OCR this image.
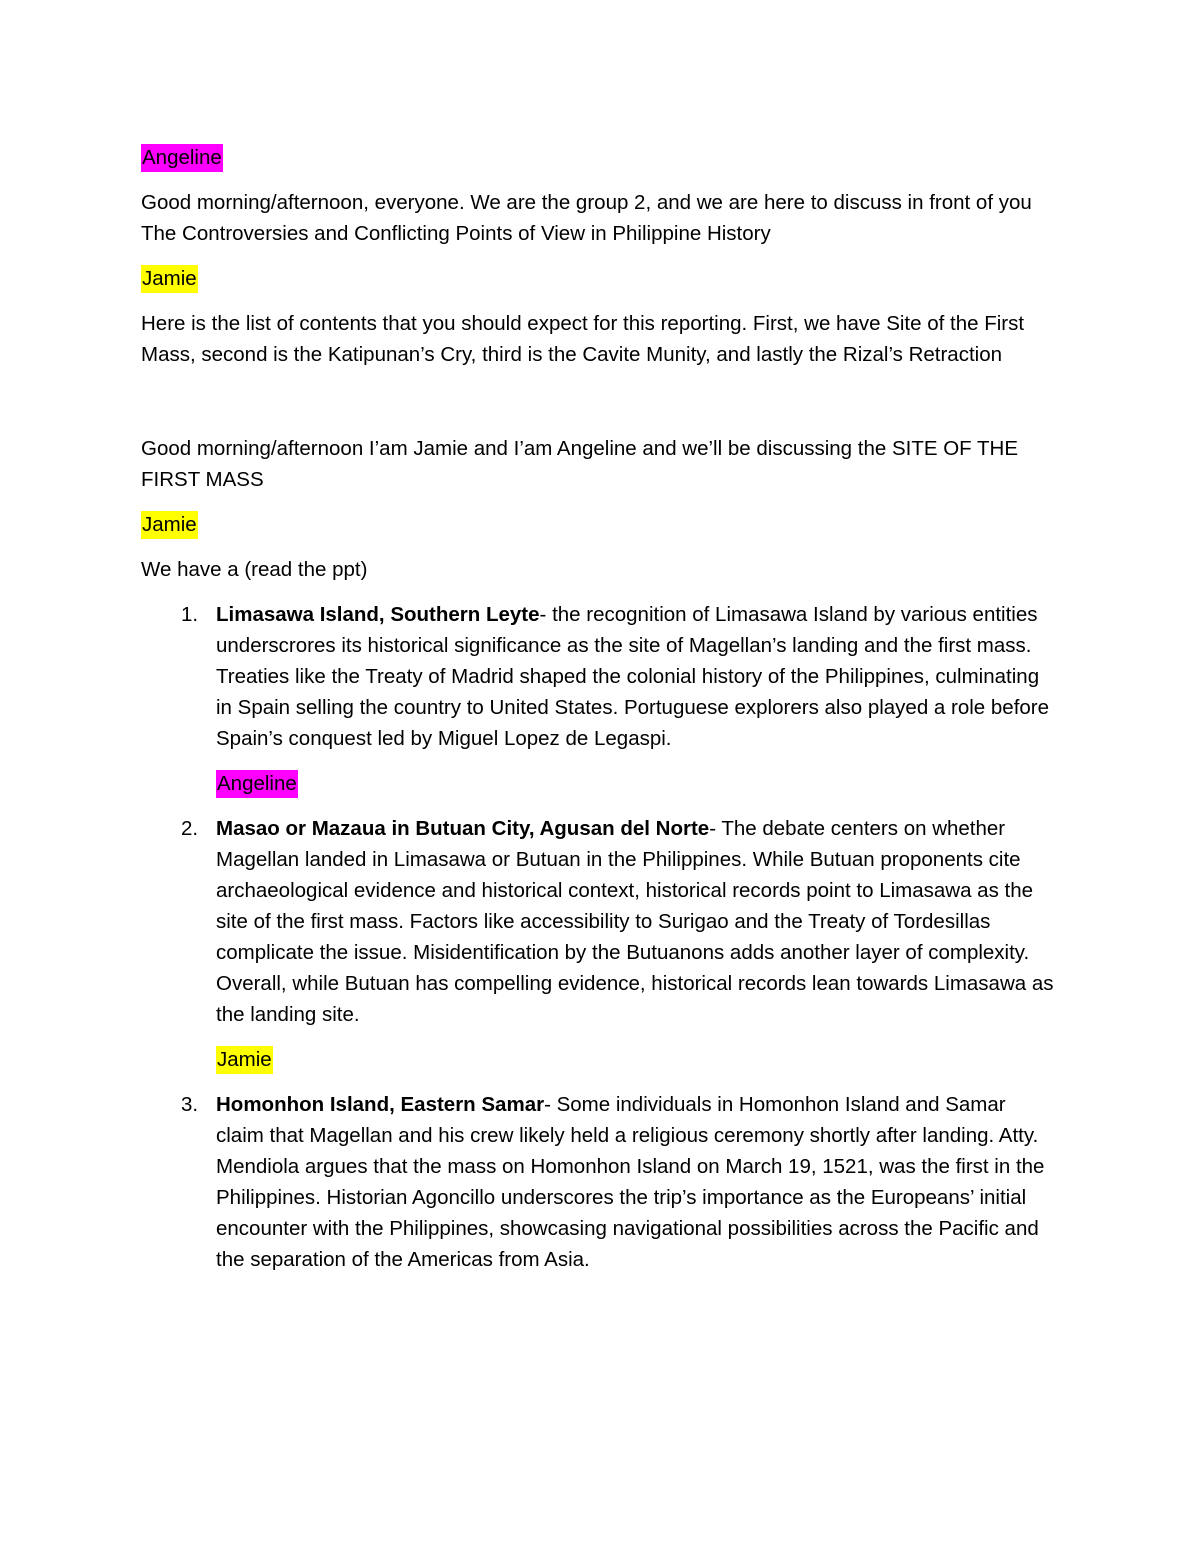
Angeline

Good morning/afternoon, everyone. We are the group 2, and we are here to discuss in front of you The Controversies and Conflicting Points of View in Philippine History

Jamie

Here is the list of contents that you should expect for this reporting. First, we have Site of the First Mass, second is the Katipunan’s Cry, third is the Cavite Munity, and lastly the Rizal’s Retraction

Good morning/afternoon I’am Jamie and I’am Angeline and we’ll be discussing the SITE OF THE FIRST MASS

Jamie

We have a (read the ppt)

1. Limasawa Island, Southern Leyte- the recognition of Limasawa Island by various entities underscrores its historical significance as the site of Magellan’s landing and the first mass. Treaties like the Treaty of Madrid shaped the colonial history of the Philippines, culminating in Spain selling the country to United States. Portuguese explorers also played a role before Spain’s conquest led by Miguel Lopez de Legaspi.
Angeline
2. Masao or Mazaua in Butuan City, Agusan del Norte- The debate centers on whether Magellan landed in Limasawa or Butuan in the Philippines. While Butuan proponents cite archaeological evidence and historical context, historical records point to Limasawa as the site of the first mass. Factors like accessibility to Surigao and the Treaty of Tordesillas complicate the issue. Misidentification by the Butuanons adds another layer of complexity. Overall, while Butuan has compelling evidence, historical records lean towards Limasawa as the landing site.
Jamie
3. Homonhon Island, Eastern Samar- Some individuals in Homonhon Island and Samar claim that Magellan and his crew likely held a religious ceremony shortly after landing. Atty. Mendiola argues that the mass on Homonhon Island on March 19, 1521, was the first in the Philippines. Historian Agoncillo underscores the trip’s importance as the Europeans’ initial encounter with the Philippines, showcasing navigational possibilities across the Pacific and the separation of the Americas from Asia.
